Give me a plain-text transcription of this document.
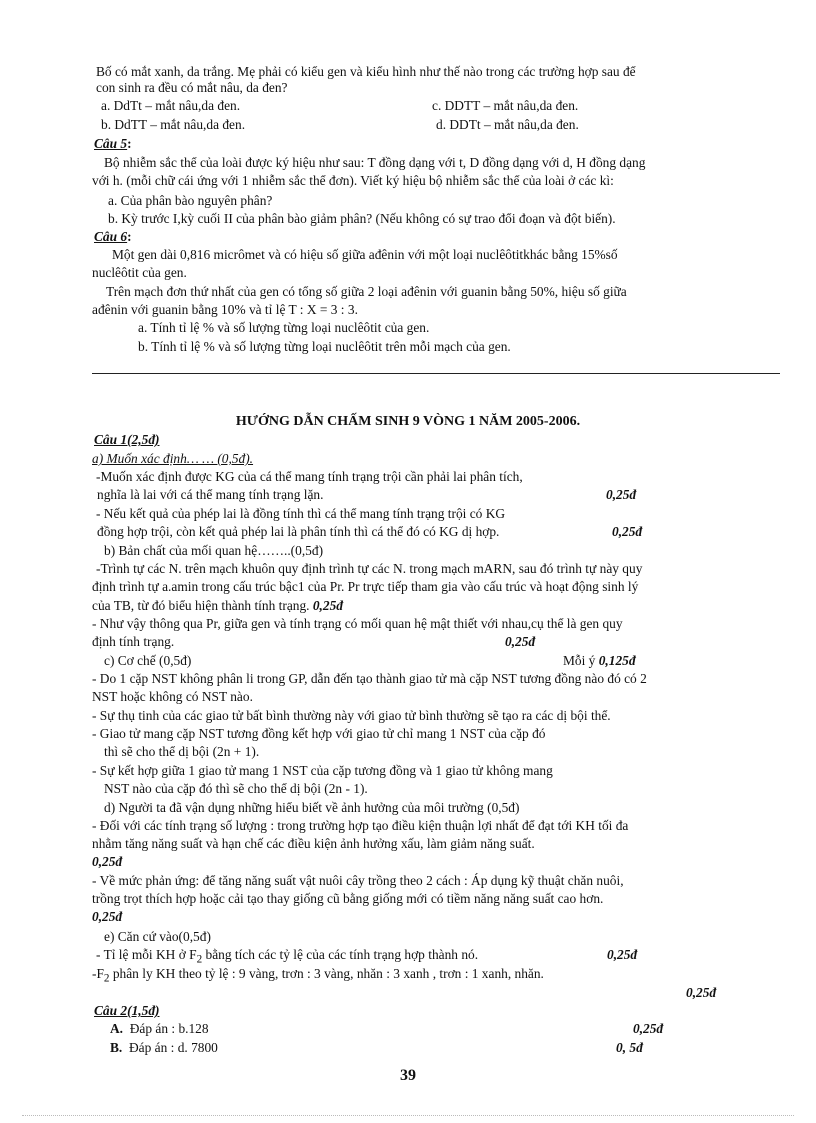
Bố có mắt xanh, da trắng. Mẹ phải có kiểu gen và kiểu hình như thế nào trong các trường hợp sau để
con sinh ra đều có mắt nâu, da đen?
a. DdTt – mắt nâu,da đen.	c. DDTT – mắt nâu,da đen.
b. DdTT – mắt nâu,da đen.	d. DDTt – mắt nâu,da đen.
Câu 5:
Bộ nhiễm sắc thể của loài được ký hiệu như sau: T đồng dạng với t, D đồng dạng với d, H đồng dạng
với h. (mỗi chữ cái ứng với 1 nhiễm sắc thể đơn). Viết ký hiệu bộ nhiễm sắc thể của loài ở các kì:
a. Của phân bào nguyên phân?
b. Kỳ trước I,kỳ cuối II của phân bào giảm phân? (Nếu không có sự trao đổi đoạn và đột biến).
Câu 6:
Một gen dài 0,816 micrômet và có hiệu số giữa ađênin với một loại nuclêôtitkhác bằng 15%số
nuclêôtit của gen.
Trên mạch đơn thứ nhất của gen có tổng số giữa 2 loại ađênin với guanin bằng 50%, hiệu số giữa
ađênin với guanin bằng 10% và tỉ lệ T : X = 3 : 3.
a. Tính tỉ lệ % và số lượng từng loại nuclêôtit của gen.
b. Tính tỉ lệ % và số lượng từng loại nuclêôtit trên mỗi mạch của gen.
HƯỚNG DẪN CHẤM SINH 9 VÒNG 1 NĂM 2005-2006.
Câu 1(2,5đ)
a) Muốn xác định… … (0,5đ).
-Muốn xác định được KG của cá thể mang tính trạng trội cần phải lai phân tích,
nghĩa là lai với cá thể mang tính trạng lặn.	0,25đ
- Nếu kết quả của phép lai là đồng tính thì cá thể mang tính trạng trội có KG
đồng hợp trội, còn kết quả phép lai là phân tính thì cá thể đó có KG dị hợp.	0,25đ
b) Bản chất của mối quan hệ……..(0,5đ)
-Trình tự các N. trên mạch khuôn quy định trình tự các N. trong mạch mARN, sau đó trình tự này quy
định trình tự a.amin trong cấu trúc bậc1 của Pr. Pr trực tiếp tham gia vào cấu trúc và hoạt động sinh lý
của TB, từ đó biểu hiện thành tính trạng. 0,25đ
- Như vậy thông qua Pr, giữa gen và tính trạng có mối quan hệ mật thiết với nhau,cụ thể là gen quy
định tính trạng.	0,25đ
c) Cơ chế (0,5đ)	Mỗi ý 0,125đ
- Do 1 cặp NST không phân li trong GP, dẫn đến tạo thành giao tử mà cặp NST tương đồng nào đó có 2
NST hoặc không có NST nào.
- Sự thụ tinh của các giao tử bất bình thường này với giao tử bình thường sẽ tạo ra các dị bội thể.
- Giao tử mang cặp NST tương đồng kết hợp với giao tử chỉ mang 1 NST của cặp đó
thì sẽ cho thể dị bội (2n + 1).
- Sự kết hợp giữa 1 giao tử mang 1 NST của cặp tương đồng và 1 giao tử không mang
NST nào của cặp đó thì sẽ cho thể dị bội (2n - 1).
d) Người ta đã vận dụng những hiểu biết về ảnh hưởng của môi trường (0,5đ)
- Đối với các tính trạng số lượng : trong trường hợp tạo điều kiện thuận lợi nhất để đạt tới KH tối đa
nhằm tăng năng suất và hạn chế các điều kiện ảnh hưởng xấu, làm giảm năng suất.
0,25đ
- Về mức phản ứng: để tăng năng suất vật nuôi cây trồng theo 2 cách : Áp dụng kỹ thuật chăn nuôi,
trồng trọt thích hợp hoặc cải tạo thay giống cũ bằng giống mới có tiềm năng năng suất cao hơn.
0,25đ
e) Căn cứ vào(0,5đ)
- Tỉ lệ mỗi KH ở $F_2$ bằng tích các tỷ lệ của các tính trạng hợp thành nó.	0,25đ
$-F_2$ phân ly KH theo tỷ lệ : 9 vàng, trơn : 3 vàng, nhăn : 3 xanh , trơn : 1 xanh, nhăn.
0,25đ
Câu 2(1,5đ)
A. Đáp án : b.128	0,25đ
B. Đáp án : d. 7800	0, 5đ
39
